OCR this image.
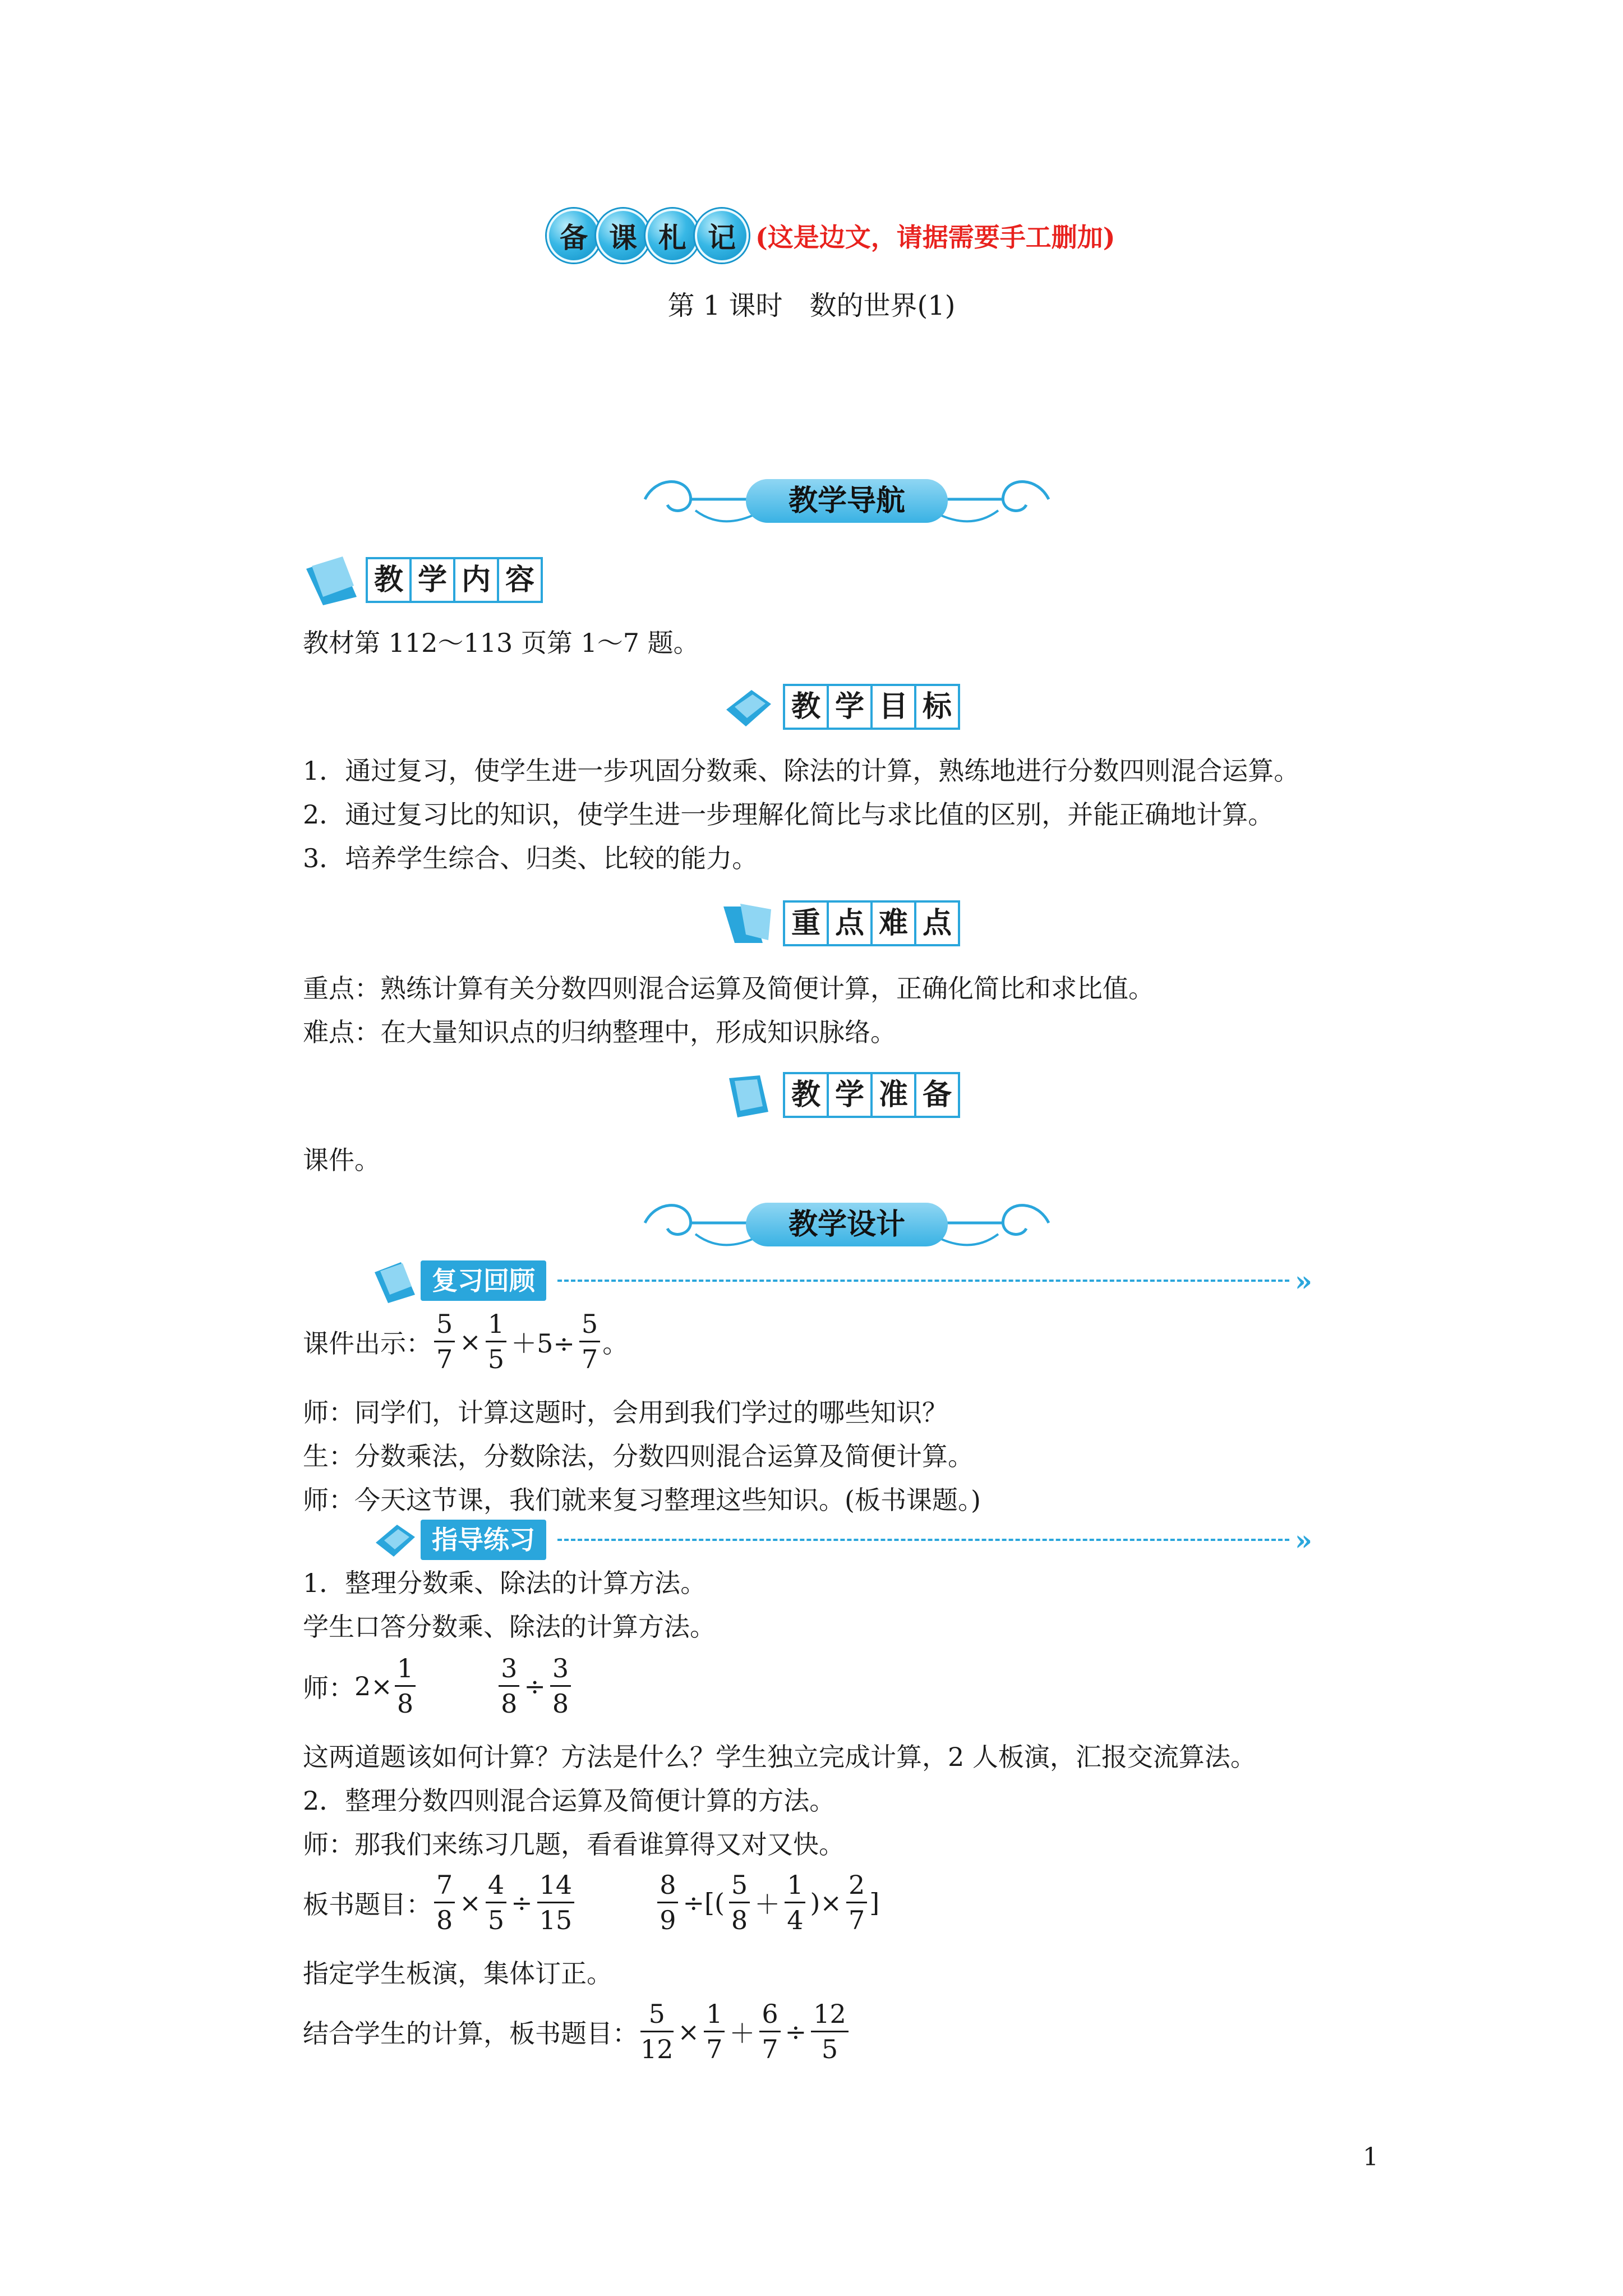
备 课 札 记 (这是边文，请据需要手工删加)
第 1 课时　数的世界(1)
教学导航
教 学 内 容
教材第 112～113 页第 1～7 题。
教 学 目 标
1．通过复习，使学生进一步巩固分数乘、除法的计算，熟练地进行分数四则混合运算。
2．通过复习比的知识，使学生进一步理解化简比与求比值的区别，并能正确地计算。
3．培养学生综合、归类、比较的能力。
重 点 难 点
重点：熟练计算有关分数四则混合运算及简便计算，正确化简比和求比值。
难点：在大量知识点的归纳整理中，形成知识脉络。
教 学 准 备
课件。
教学设计
复习回顾	»
课件出示： $\frac{5}{7} \times \frac{1}{5} +5\div \frac{5}{7}$ 。
师：同学们，计算这题时，会用到我们学过的哪些知识？
生：分数乘法，分数除法，分数四则混合运算及简便计算。
师：今天这节课，我们就来复习整理这些知识。(板书课题。)
指导练习	»
1．整理分数乘、除法的计算方法。
学生口答分数乘、除法的计算方法。
师： $2\times \frac{1}{8}$	$\frac{3}{8} \div \frac{3}{8}$
这两道题该如何计算？方法是什么？学生独立完成计算，2 人板演，汇报交流算法。
2．整理分数四则混合运算及简便计算的方法。
师：那我们来练习几题，看看谁算得又对又快。
板书题目： $\frac{7}{8} \times \frac{4}{5} \div \frac{14}{15}$	$\frac{8}{9}$ ÷[( $\frac{5}{8} + \frac{1}{4}$ )× $\frac{2}{7}$ ]
指定学生板演，集体订正。
结合学生的计算，板书题目： $\frac{5}{12} \times \frac{1}{7} + \frac{6}{7} \div \frac{12}{5}$
1
